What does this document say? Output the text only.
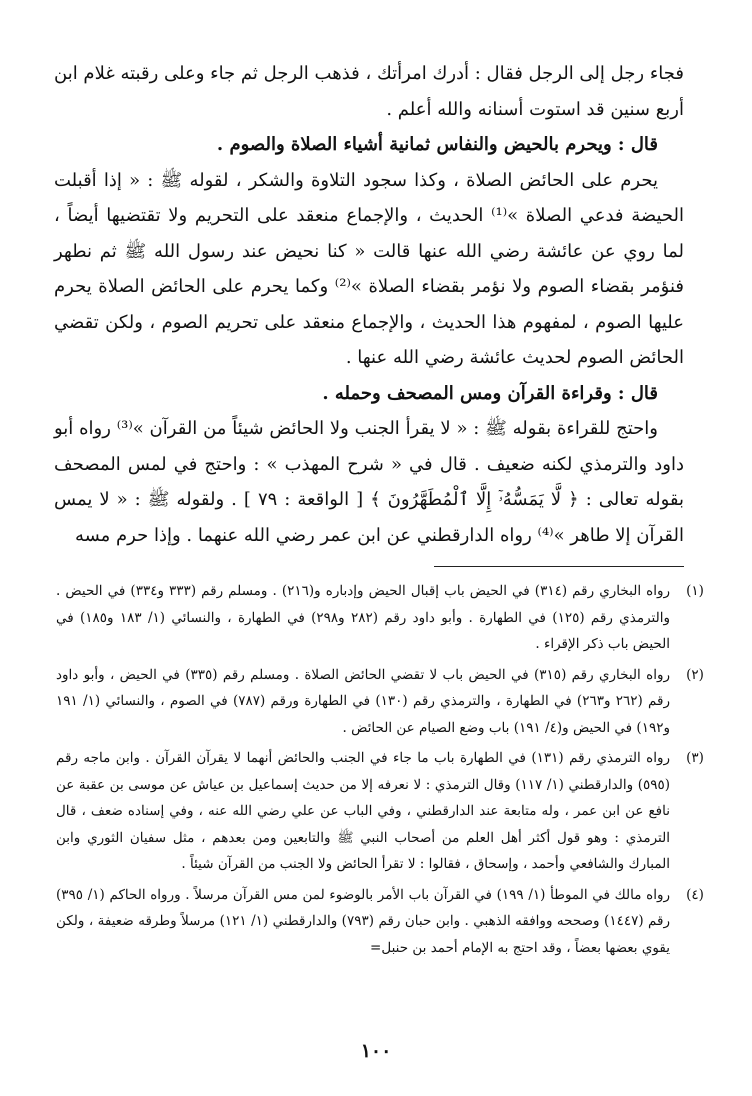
فجاء رجل إلى الرجل فقال : أدرك امرأتك ، فذهب الرجل ثم جاء وعلى رقبته غلام ابن أربع سنين قد استوت أسنانه والله أعلم .

قال : ويحرم بالحيض والنفاس ثمانية أشياء الصلاة والصوم .

يحرم على الحائض الصلاة ، وكذا سجود التلاوة والشكر ، لقوله ﷺ : « إذا أقبلت الحيضة فدعي الصلاة »⁽¹⁾ الحديث ، والإجماع منعقد على التحريم ولا تقتضيها أيضاً ، لما روي عن عائشة رضي الله عنها قالت « كنا نحيض عند رسول الله ﷺ ثم نطهر فنؤمر بقضاء الصوم ولا نؤمر بقضاء الصلاة »⁽²⁾ وكما يحرم على الحائض الصلاة يحرم عليها الصوم ، لمفهوم هذا الحديث ، والإجماع منعقد على تحريم الصوم ، ولكن تقضي الحائض الصوم لحديث عائشة رضي الله عنها .

قال : وقراءة القرآن ومس المصحف وحمله .

واحتج للقراءة بقوله ﷺ : « لا يقرأ الجنب ولا الحائض شيئاً من القرآن »⁽³⁾ رواه أبو داود والترمذي لكنه ضعيف . قال في « شرح المهذب » : واحتج في لمس المصحف بقوله تعالى : ﴿ لَّا يَمَسُّهُۥٓ إِلَّا ٱلْمُطَهَّرُونَ ﴾ [ الواقعة : ٧٩ ] . ولقوله ﷺ : « لا يمس القرآن إلا طاهر »⁽⁴⁾ رواه الدارقطني عن ابن عمر رضي الله عنهما . وإذا حرم مسه

(١)
رواه البخاري رقم (٣١٤) في الحيض باب إقبال الحيض وإدباره و(٢١٦) . ومسلم رقم (٣٣٣ و٣٣٤) في الحيض . والترمذي رقم (١٢٥) في الطهارة . وأبو داود رقم (٢٨٢ و٢٩٨) في الطهارة ، والنسائي (١/ ١٨٣ و١٨٥) في الحيض باب ذكر الإقراء .
(٢)
رواه البخاري رقم (٣١٥) في الحيض باب لا تقضي الحائض الصلاة . ومسلم رقم (٣٣٥) في الحيض ، وأبو داود رقم (٢٦٢ و٢٦٣) في الطهارة ، والترمذي رقم (١٣٠) في الطهارة ورقم (٧٨٧) في الصوم ، والنسائي (١/ ١٩١ و١٩٢) في الحيض و(٤/ ١٩١) باب وضع الصيام عن الحائض .
(٣)
رواه الترمذي رقم (١٣١) في الطهارة باب ما جاء في الجنب والحائض أنهما لا يقرآن القرآن . وابن ماجه رقم (٥٩٥) والدارقطني (١/ ١١٧) وقال الترمذي : لا نعرفه إلا من حديث إسماعيل بن عياش عن موسى بن عقبة عن نافع عن ابن عمر ، وله متابعة عند الدارقطني ، وفي الباب عن علي رضي الله عنه ، وفي إسناده ضعف ، قال الترمذي : وهو قول أكثر أهل العلم من أصحاب النبي ﷺ والتابعين ومن بعدهم ، مثل سفيان الثوري وابن المبارك والشافعي وأحمد ، وإسحاق ، فقالوا : لا تقرأ الحائض ولا الجنب من القرآن شيئاً .
(٤)
رواه مالك في الموطأ (١/ ١٩٩) في القرآن باب الأمر بالوضوء لمن مس القرآن مرسلاً . ورواه الحاكم (١/ ٣٩٥) رقم (١٤٤٧) وصححه ووافقه الذهبي . وابن حبان رقم (٧٩٣) والدارقطني (١/ ١٢١) مرسلاً وطرقه ضعيفة ، ولكن يقوي بعضها بعضاً ، وقد احتج به الإمام أحمد بن حنبل=
١٠٠
